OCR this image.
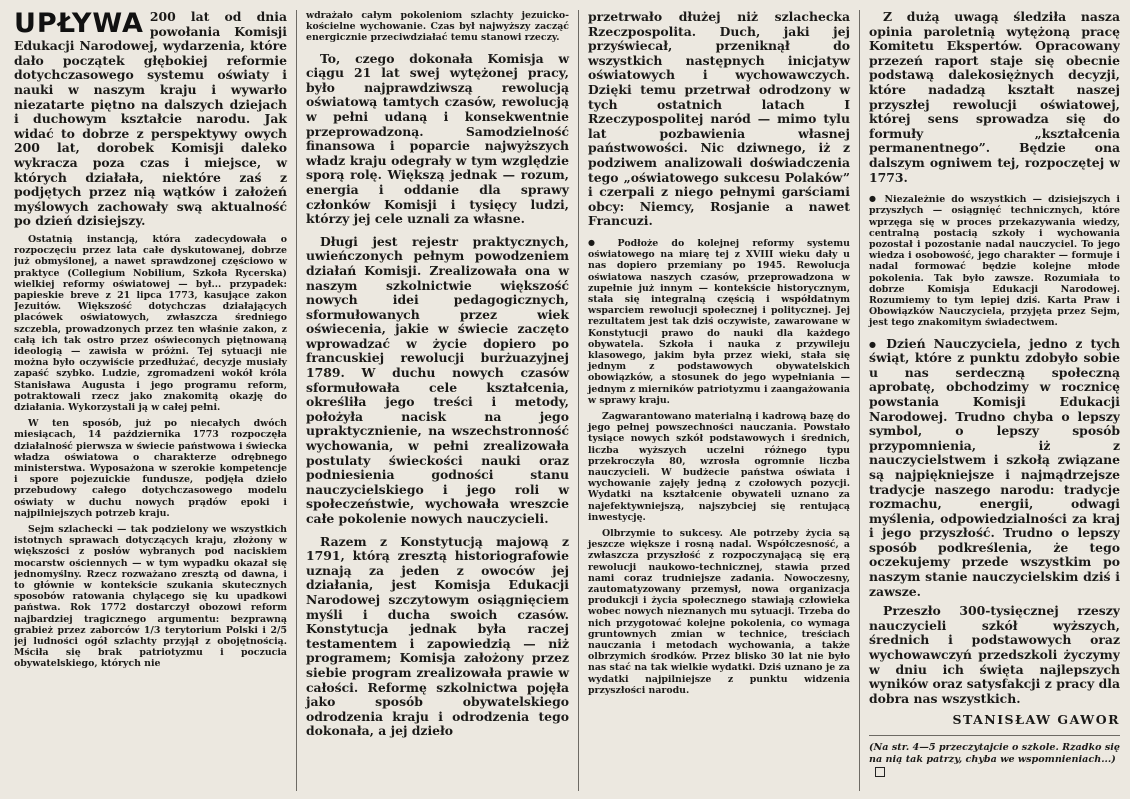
UPŁYWA 200 lat od dnia powołania Komisji Edukacji Narodowej, wydarzenia, które dało początek głębokiej reformie dotychczasowego systemu oświaty i nauki w naszym kraju i wywarło niezatarte piętno na dalszych dziejach i duchowym kształcie narodu. Jak widać to dobrze z perspektywy owych 200 lat, dorobek Komisji daleko wykracza poza czas i miejsce, w których działała, niektóre zaś z podjętych przez nią wątków i założeń myślowych zachowały swą aktualność po dzień dzisiejszy.

Ostatnią instancją, która zadecydowała o rozpoczęciu przez lata całe dyskutowanej, dobrze już obmyślonej, a nawet sprawdzonej częściowo w praktyce (Collegium Nobilium, Szkoła Rycerska) wielkiej reformy oświatowej — był... przypadek: papieskie breve z 21 lipca 1773, kasujące zakon Jezuitów. Większość dotychczas działających placówek oświatowych, zwłaszcza średniego szczebla, prowadzonych przez ten właśnie zakon, z całą ich tak ostro przez oświeconych piętnowaną ideologią — zawisła w próżni. Tej sytuacji nie można było oczywiście przedłużać, decyzje musiały zapaść szybko. Ludzie, zgromadzeni wokół króla Stanisława Augusta i jego programu reform, potraktowali rzecz jako znakomitą okazję do działania. Wykorzystali ją w całej pełni.

W ten sposób, już po niecałych dwóch miesiącach, 14 października 1773 rozpoczęła działalność pierwsza w świecie państwowa i świecka władza oświatowa o charakterze odrębnego ministerstwa. Wyposażona w szerokie kompetencje i spore pojezuickie fundusze, podjęła dzieło przebudowy całego dotychczasowego modelu oświaty w duchu nowych prądów epoki i najpilniejszych potrzeb kraju.

Sejm szlachecki — tak podzielony we wszystkich istotnych sprawach dotyczących kraju, złożony w większości z posłów wybranych pod naciskiem mocarstw ościennych — w tym wypadku okazał się jednomyślny. Rzecz rozważano zresztą od dawna, i to głównie w kontekście szukania skutecznych sposobów ratowania chylącego się ku upadkowi państwa. Rok 1772 dostarczył obozowi reform najbardziej tragicznego argumentu: bezprawną grabież przez zaborców 1/3 terytorium Polski i 2/5 jej ludności ogół szlachty przyjął z obojętnością. Mściła się brak patriotyzmu i poczucia obywatelskiego, których nie

wdrażało całym pokoleniom szlachty jezuicko-kościelne wychowanie. Czas był najwyższy zacząć energicznie przeciwdziałać temu stanowi rzeczy.

To, czego dokonała Komisja w ciągu 21 lat swej wytężonej pracy, było najprawdziwszą rewolucją oświatową tamtych czasów, rewolucją w pełni udaną i konsekwentnie przeprowadzoną. Samodzielność finansowa i poparcie najwyższych władz kraju odegrały w tym względzie sporą rolę. Większą jednak — rozum, energia i oddanie dla sprawy członków Komisji i tysięcy ludzi, którzy jej cele uznali za własne.

Długi jest rejestr praktycznych, uwieńczonych pełnym powodzeniem działań Komisji. Zrealizowała ona w naszym szkolnictwie większość nowych idei pedagogicznych, sformułowanych przez wiek oświecenia, jakie w świecie zaczęto wprowadzać w życie dopiero po francuskiej rewolucji burżuazyjnej 1789. W duchu nowych czasów sformułowała cele kształcenia, określiła jego treści i metody, położyła nacisk na jego upraktycznienie, na wszechstronność wychowania, w pełni zrealizowała postulaty świeckości nauki oraz podniesienia godności stanu nauczycielskiego i jego roli w społeczeństwie, wychowała wreszcie całe pokolenie nowych nauczycieli.

Razem z Konstytucją majową z 1791, którą zresztą historiografowie uznają za jeden z owoców jej działania, jest Komisja Edukacji Narodowej szczytowym osiągnięciem myśli i ducha swoich czasów. Konstytucja jednak była raczej testamentem i zapowiedzią — niż programem; Komisja założony przez siebie program zrealizowała prawie w całości. Reformę szkolnictwa pojęła jako sposób obywatelskiego odrodzenia kraju i odrodzenia tego dokonała, a jej dzieło

przetrwało dłużej niż szlachecka Rzeczpospolita. Duch, jaki jej przyświecał, przeniknął do wszystkich następnych inicjatyw oświatowych i wychowawczych. Dzięki temu przetrwał odrodzony w tych ostatnich latach I Rzeczypospolitej naród — mimo tylu lat pozbawienia własnej państwowości. Nic dziwnego, iż z podziwem analizowali doświadczenia tego „oświatowego sukcesu Polaków” i czerpali z niego pełnymi garściami obcy: Niemcy, Rosjanie a nawet Francuzi.

● Podłoże do kolejnej reformy systemu oświatowego na miarę tej z XVIII wieku dały u nas dopiero przemiany po 1945. Rewolucja oświatowa naszych czasów, przeprowadzona w zupełnie już innym — kontekście historycznym, stała się integralną częścią i współdatnym wsparciem rewolucji społecznej i politycznej. Jej rezultatem jest tak dziś oczywiste, zawarowane w Konstytucji prawo do nauki dla każdego obywatela. Szkoła i nauka z przywileju klasowego, jakim była przez wieki, stała się jednym z podstawowych obywatelskich obowiązków, a stosunek do jego wypełniania — jednym z mierników patriotyzmu i zaangażowania w sprawy kraju.

Zagwarantowano materialną i kadrową bazę do jego pełnej powszechności nauczania. Powstało tysiące nowych szkół podstawowych i średnich, liczba wyższych uczelni różnego typu przekroczyła 80, wzrosła ogromnie liczba nauczycieli. W budżecie państwa oświata i wychowanie zajęły jedną z czołowych pozycji. Wydatki na kształcenie obywateli uznano za najefektywniejszą, najszybciej się rentującą inwestycję.

Olbrzymie to sukcesy. Ale potrzeby życia są jeszcze większe i rosną nadal. Współczesność, a zwłaszcza przyszłość z rozpoczynającą się erą rewolucji naukowo-technicznej, stawia przed nami coraz trudniejsze zadania. Nowoczesny, zautomatyzowany przemysł, nowa organizacja produkcji i życia społecznego stawiają człowieka wobec nowych nieznanych mu sytuacji. Trzeba do nich przygotować kolejne pokolenia, co wymaga gruntownych zmian w technice, treściach nauczania i metodach wychowania, a także olbrzymich środków. Przez blisko 30 lat nie było nas stać na tak wielkie wydatki. Dziś uznano je za wydatki najpilniejsze z punktu widzenia przyszłości narodu.

Z dużą uwagą śledziła nasza opinia paroletnią wytężoną pracę Komitetu Ekspertów. Opracowany przezeń raport staje się obecnie podstawą dalekosiężnych decyzji, które nadadzą kształt naszej przyszłej rewolucji oświatowej, której sens sprowadza się do formuły „kształcenia permanentnego”. Będzie ona dalszym ogniwem tej, rozpoczętej w 1773.

● Niezależnie do wszystkich — dzisiejszych i przyszłych — osiągnięć technicznych, które wprzęga się w proces przekazywania wiedzy, centralną postacią szkoły i wychowania pozostał i pozostanie nadal nauczyciel. To jego wiedza i osobowość, jego charakter — formuje i nadal formować będzie kolejne młode pokolenia. Tak było zawsze. Rozumiała to dobrze Komisja Edukacji Narodowej. Rozumiemy to tym lepiej dziś. Karta Praw i Obowiązków Nauczyciela, przyjęta przez Sejm, jest tego znakomitym świadectwem.

● Dzień Nauczyciela, jedno z tych świąt, które z punktu zdobyło sobie u nas serdeczną społeczną aprobatę, obchodzimy w rocznicę powstania Komisji Edukacji Narodowej. Trudno chyba o lepszy symbol, o lepszy sposób przypomnienia, iż z nauczycielstwem i szkołą związane są najpiękniejsze i najmądrzejsze tradycje naszego narodu: tradycje rozmachu, energii, odwagi myślenia, odpowiedzialności za kraj i jego przyszłość. Trudno o lepszy sposób podkreślenia, że tego oczekujemy przede wszystkim po naszym stanie nauczycielskim dziś i zawsze.

Przeszło 300-tysięcznej rzeszy nauczycieli szkół wyższych, średnich i podstawowych oraz wychowawczyń przedszkoli życzymy w dniu ich święta najlepszych wyników oraz satysfakcji z pracy dla dobra nas wszystkich.

STANISŁAW GAWOR

(Na str. 4—5 przeczytajcie o szkole. Rzadko się na nią tak patrzy, chyba we wspomnieniach...)
